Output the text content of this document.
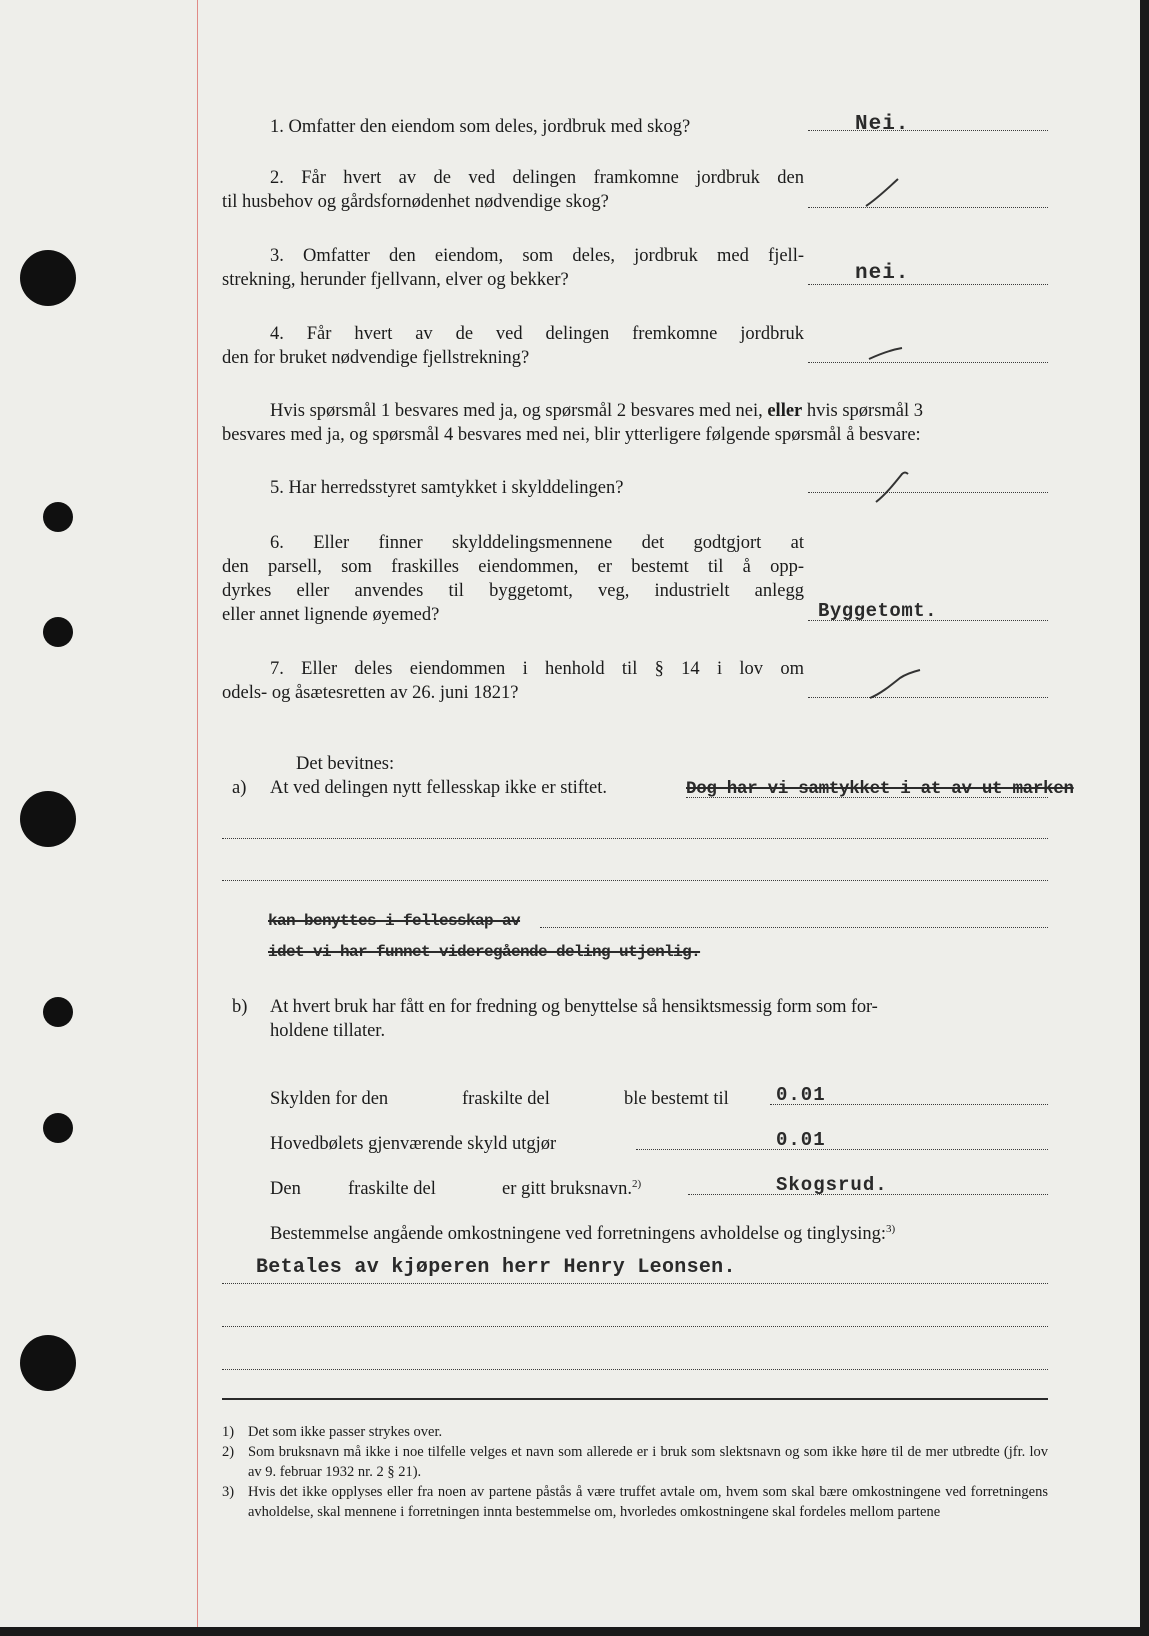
1. Omfatter den eiendom som deles, jordbruk med skog?	Nei.
2. Får hvert av de ved delingen framkomne jordbruk den
til husbehov og gårdsfornødenhet nødvendige skog?
3. Omfatter den eiendom, som deles, jordbruk med fjell-
strekning, herunder fjellvann, elver og bekker?	nei.
4. Får hvert av de ved delingen fremkomne jordbruk
den for bruket nødvendige fjellstrekning?
Hvis spørsmål 1 besvares med ja, og spørsmål 2 besvares med nei, eller hvis spørsmål 3
besvares med ja, og spørsmål 4 besvares med nei, blir ytterligere følgende spørsmål å besvare:
5. Har herredsstyret samtykket i skylddelingen?
6. Eller finner skylddelingsmennene det godtgjort at
den parsell, som fraskilles eiendommen, er bestemt til å opp-
dyrkes eller anvendes til byggetomt, veg, industrielt anlegg
eller annet lignende øyemed?	Byggetomt.
7. Eller deles eiendommen i henhold til § 14 i lov om
odels- og åsætesretten av 26. juni 1821?
Det bevitnes:
a) At ved delingen nytt fellesskap ikke er stiftet.	Dog har vi samtykket i at av ut marken
kan benyttes i fellesskap av
idet vi har funnet videregående deling utjenlig.
b) At hvert bruk har fått en for fredning og benyttelse så hensiktsmessig form som for-
holdene tillater.
Skylden for den	fraskilte del	ble bestemt til 0.01
Hovedbølets gjenværende skyld utgjør	0.01
Den	fraskilte del	er gitt bruksnavn.$^{2)}$	Skogsrud.
Bestemmelse angående omkostningene ved forretningens avholdelse og tinglysing:$^{3)}$
Betales av kjøperen herr Henry Leonsen.
1) Det som ikke passer strykes over.
2) Som bruksnavn må ikke i noe tilfelle velges et navn som allerede er i bruk som slektsnavn og som ikke høre til de mer utbredte (jfr. lov av 9. februar 1932 nr. 2 § 21).
3) Hvis det ikke opplyses eller fra noen av partene påstås å være truffet avtale om, hvem som skal bære omkostningene ved forretningens avholdelse, skal mennene i forretningen innta bestemmelse om, hvorledes omkostningene skal fordeles mellom partene
